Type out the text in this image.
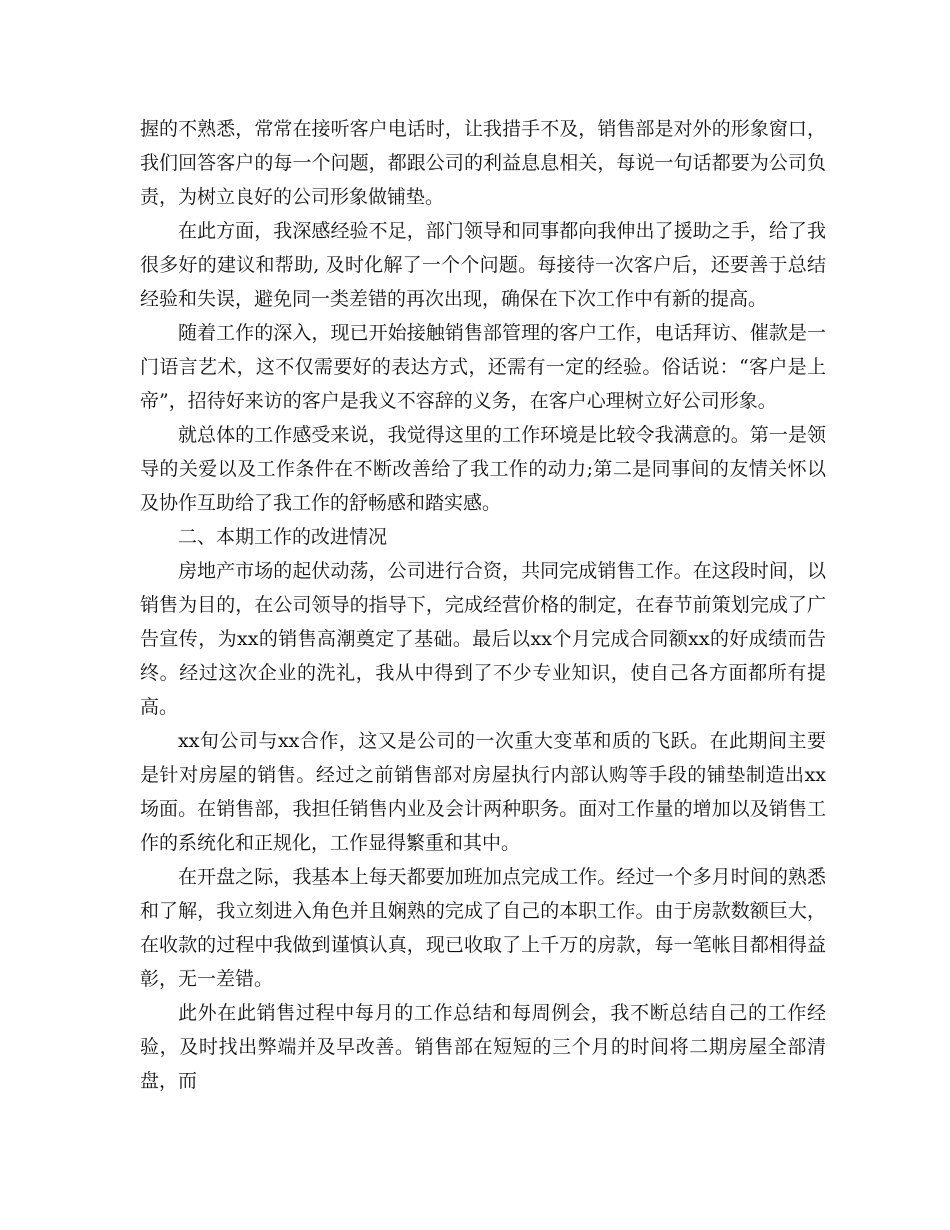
握的不熟悉，常常在接听客户电话时，让我措手不及，销售部是对外的形象窗口，我们回答客户的每一个问题，都跟公司的利益息息相关，每说一句话都要为公司负责，为树立良好的公司形象做铺垫。

在此方面，我深感经验不足，部门领导和同事都向我伸出了援助之手，给了我很多好的建议和帮助, 及时化解了一个个问题。每接待一次客户后，还要善于总结经验和失误，避免同一类差错的再次出现，确保在下次工作中有新的提高。

随着工作的深入，现已开始接触销售部管理的客户工作，电话拜访、催款是一门语言艺术，这不仅需要好的表达方式，还需有一定的经验。俗话说：“客户是上帝”，招待好来访的客户是我义不容辞的义务，在客户心理树立好公司形象。

就总体的工作感受来说，我觉得这里的工作环境是比较令我满意的。第一是领导的关爱以及工作条件在不断改善给了我工作的动力;第二是同事间的友情关怀以及协作互助给了我工作的舒畅感和踏实感。

二、本期工作的改进情况

房地产市场的起伏动荡，公司进行合资，共同完成销售工作。在这段时间，以销售为目的，在公司领导的指导下，完成经营价格的制定，在春节前策划完成了广告宣传，为xx的销售高潮奠定了基础。最后以xx个月完成合同额xx的好成绩而告终。经过这次企业的洗礼，我从中得到了不少专业知识，使自己各方面都所有提高。

xx旬公司与xx合作，这又是公司的一次重大变革和质的飞跃。在此期间主要是针对房屋的销售。经过之前销售部对房屋执行内部认购等手段的铺垫制造出xx场面。在销售部，我担任销售内业及会计两种职务。面对工作量的增加以及销售工作的系统化和正规化，工作显得繁重和其中。

在开盘之际，我基本上每天都要加班加点完成工作。经过一个多月时间的熟悉和了解，我立刻进入角色并且娴熟的完成了自己的本职工作。由于房款数额巨大，在收款的过程中我做到谨慎认真，现已收取了上千万的房款，每一笔帐目都相得益彰，无一差错。

此外在此销售过程中每月的工作总结和每周例会，我不断总结自己的工作经验，及时找出弊端并及早改善。销售部在短短的三个月的时间将二期房屋全部清盘，而
